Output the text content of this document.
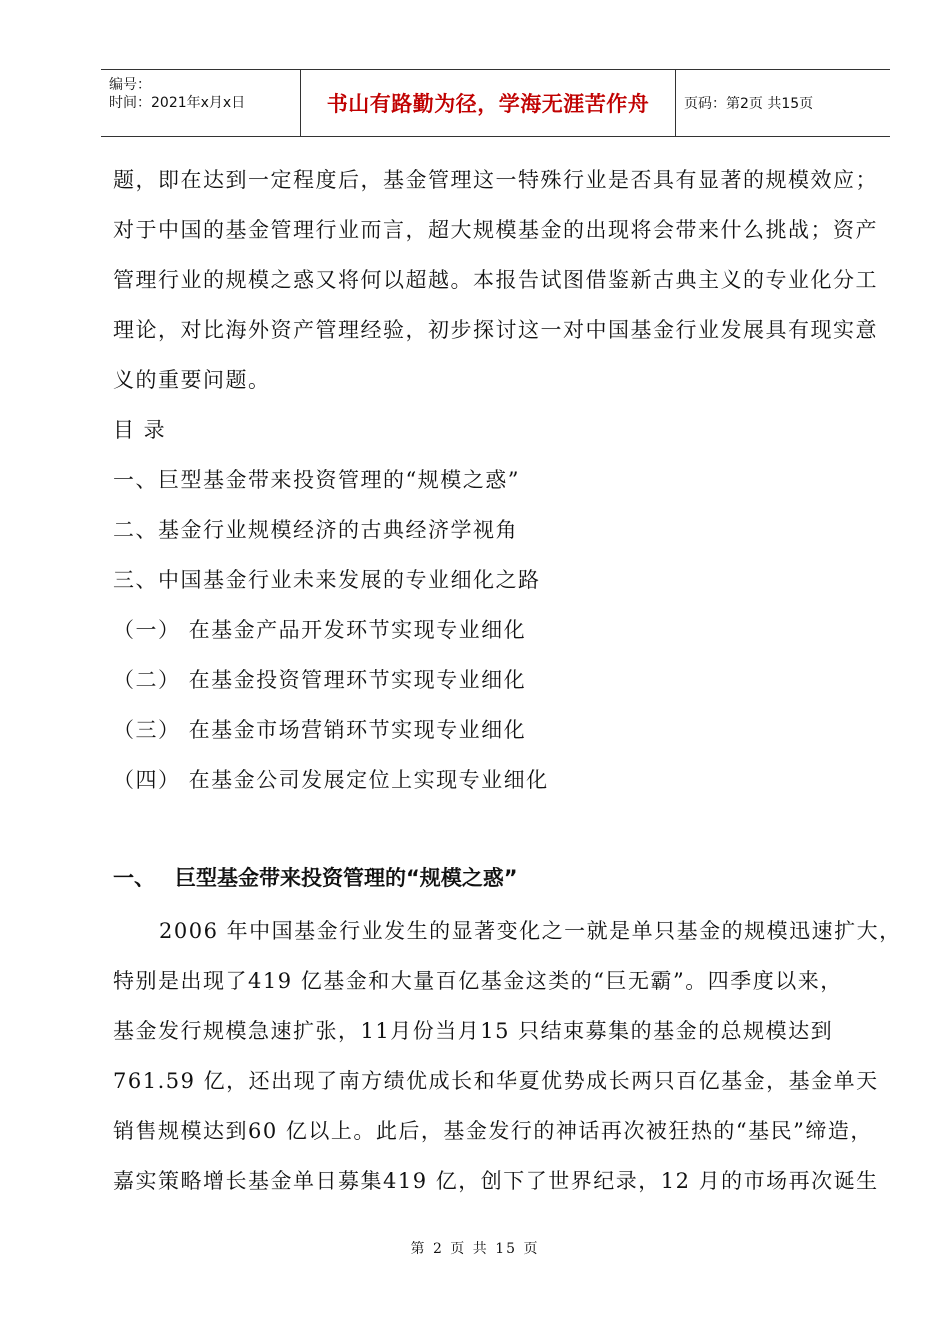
编号：
时间：2021年x月x日	书山有路勤为径，学海无涯苦作舟 页码：第2页 共15页
题，即在达到一定程度后，基金管理这一特殊行业是否具有显著的规模效应；
对于中国的基金管理行业而言，超大规模基金的出现将会带来什么挑战；资产
管理行业的规模之惑又将何以超越。本报告试图借鉴新古典主义的专业化分工
理论，对比海外资产管理经验，初步探讨这一对中国基金行业发展具有现实意
义的重要问题。
目 录
一、巨型基金带来投资管理的“规模之惑”
二、基金行业规模经济的古典经济学视角
三、中国基金行业未来发展的专业细化之路
（一） 在基金产品开发环节实现专业细化
（二） 在基金投资管理环节实现专业细化
（三） 在基金市场营销环节实现专业细化
（四） 在基金公司发展定位上实现专业细化
一、 巨型基金带来投资管理的“规模之惑”
2006 年中国基金行业发生的显著变化之一就是单只基金的规模迅速扩大，
特别是出现了419 亿基金和大量百亿基金这类的“巨无霸”。四季度以来，
基金发行规模急速扩张，11月份当月15 只结束募集的基金的总规模达到
761.59 亿，还出现了南方绩优成长和华夏优势成长两只百亿基金，基金单天
销售规模达到60 亿以上。此后，基金发行的神话再次被狂热的“基民”缔造，
嘉实策略增长基金单日募集419 亿，创下了世界纪录，12 月的市场再次诞生
第 2 页 共 15 页
